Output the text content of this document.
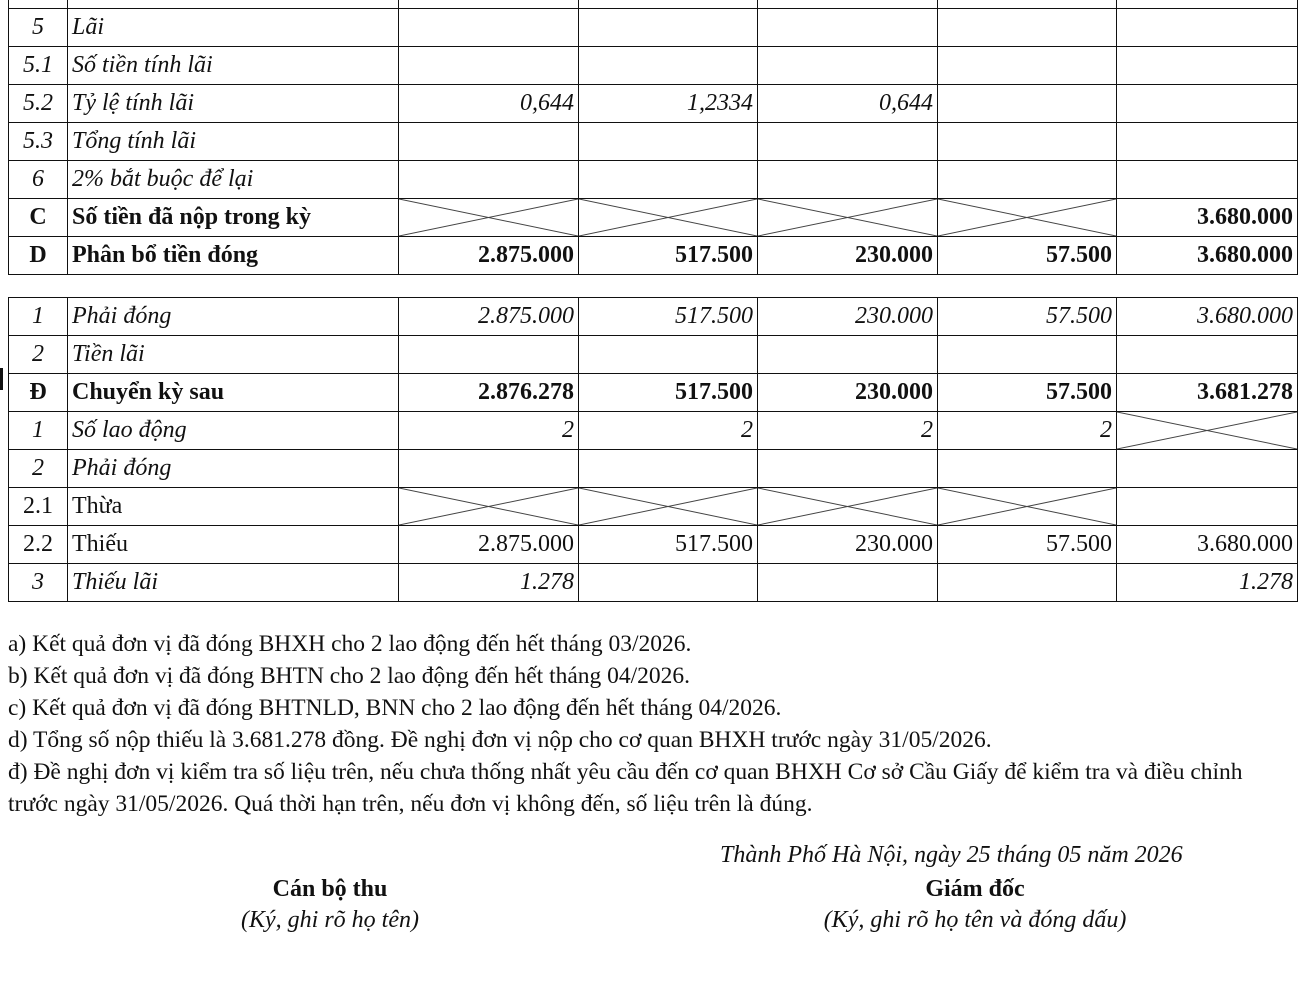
5	Lãi					
5.1	Số tiền tính lãi					
5.2	Tỷ lệ tính lãi	0,644	1,2334	0,644		
5.3	Tổng tính lãi					
6	2% bắt buộc để lại					
C	Số tiền đã nộp trong kỳ					3.680.000
D	Phân bổ tiền đóng	2.875.000	517.500	230.000	57.500	3.680.000
1	Phải đóng	2.875.000	517.500	230.000	57.500	3.680.000
2	Tiền lãi					
Đ	Chuyển kỳ sau	2.876.278	517.500	230.000	57.500	3.681.278
1	Số lao động	2	2	2	2	

2	Phải đóng					
2.1	Thừa	

2.2	Thiếu	2.875.000	517.500	230.000	57.500	3.680.000
3	Thiếu lãi	1.278				1.278

a) Kết quả đơn vị đã đóng BHXH cho 2 lao động đến hết tháng 03/2026.

b) Kết quả đơn vị đã đóng BHTN cho 2 lao động đến hết tháng 04/2026.

c) Kết quả đơn vị đã đóng BHTNLD, BNN cho 2 lao động đến hết tháng 04/2026.

d) Tổng số nộp thiếu là 3.681.278 đồng. Đề nghị đơn vị nộp cho cơ quan BHXH trước ngày 31/05/2026.

đ) Đề nghị đơn vị kiểm tra số liệu trên, nếu chưa thống nhất yêu cầu đến cơ quan BHXH Cơ sở Cầu Giấy để kiểm tra và điều chỉnh trước ngày 31/05/2026. Quá thời hạn trên, nếu đơn vị không đến, số liệu trên là đúng.

Thành Phố Hà Nội, ngày 25 tháng 05 năm 2026
Cán bộ thu
(Ký, ghi rõ họ tên)
Giám đốc
(Ký, ghi rõ họ tên và đóng dấu)
